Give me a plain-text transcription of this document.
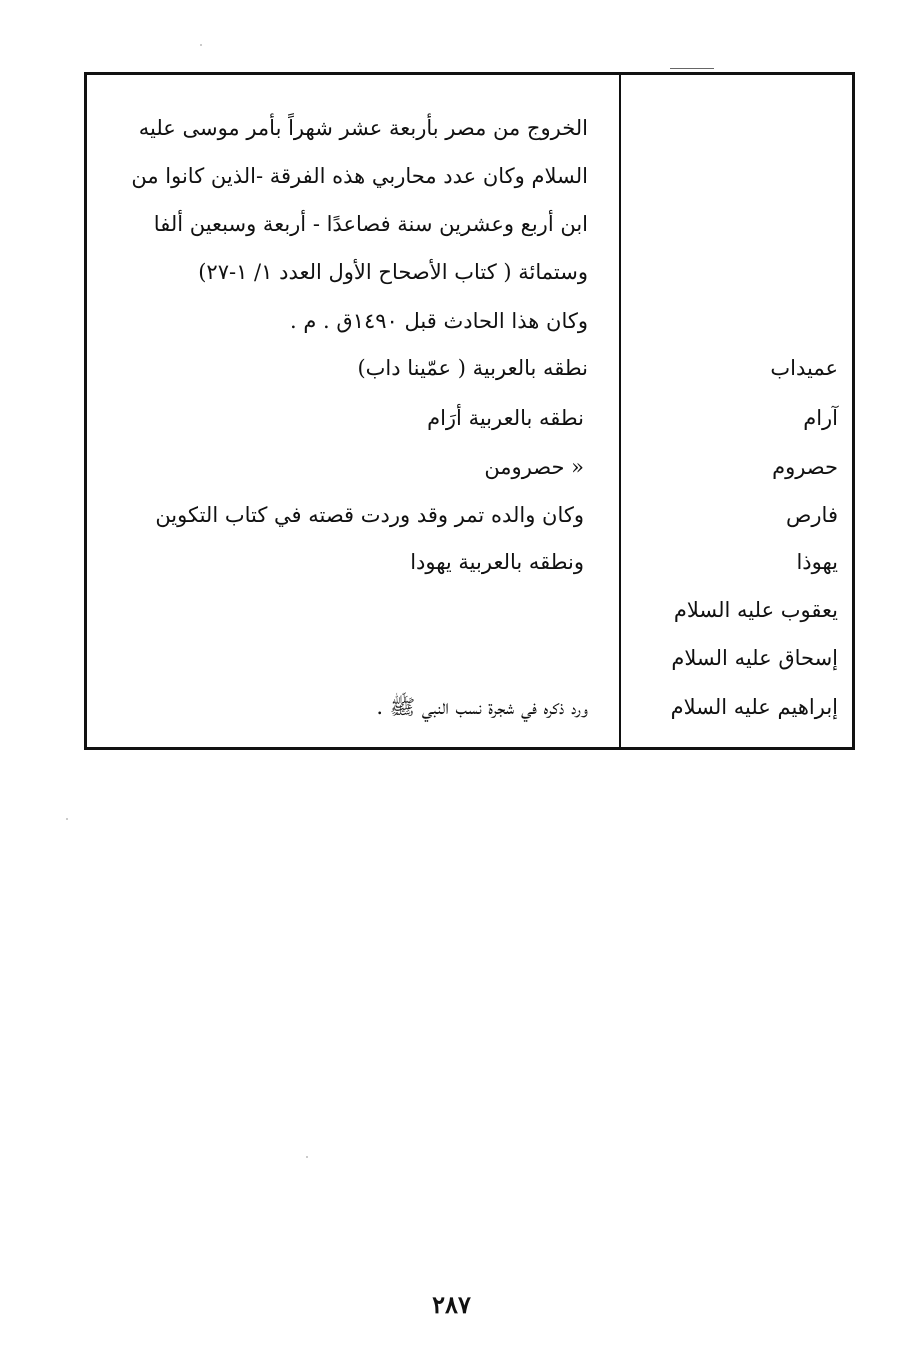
الخروج من مصر بأربعة عشر شهراً بأمر موسى عليه
السلام وكان عدد محاربي هذه الفرقة -الذين كانوا من
ابن أربع وعشرين سنة فصاعدًا - أربعة وسبعين ألفا
وستمائة ( كتاب الأصحاح الأول العدد ١/ ١-٢٧)
وكان هذا الحادث قبل ١٤٩٠ق . م .
نطقه بالعربية ( عمّينا داب)
نطقه بالعربية أرَام
« حصرومن
وكان والده تمر وقد وردت قصته في كتاب التكوين
ونطقه بالعربية يهودا
ورد ذكره في شجرة نسب النبي ﷺ .
عميداب
آرام
حصروم
فارص
يهوذا
يعقوب عليه السلام
إسحاق عليه السلام
إبراهيم عليه السلام
٢٨٧
